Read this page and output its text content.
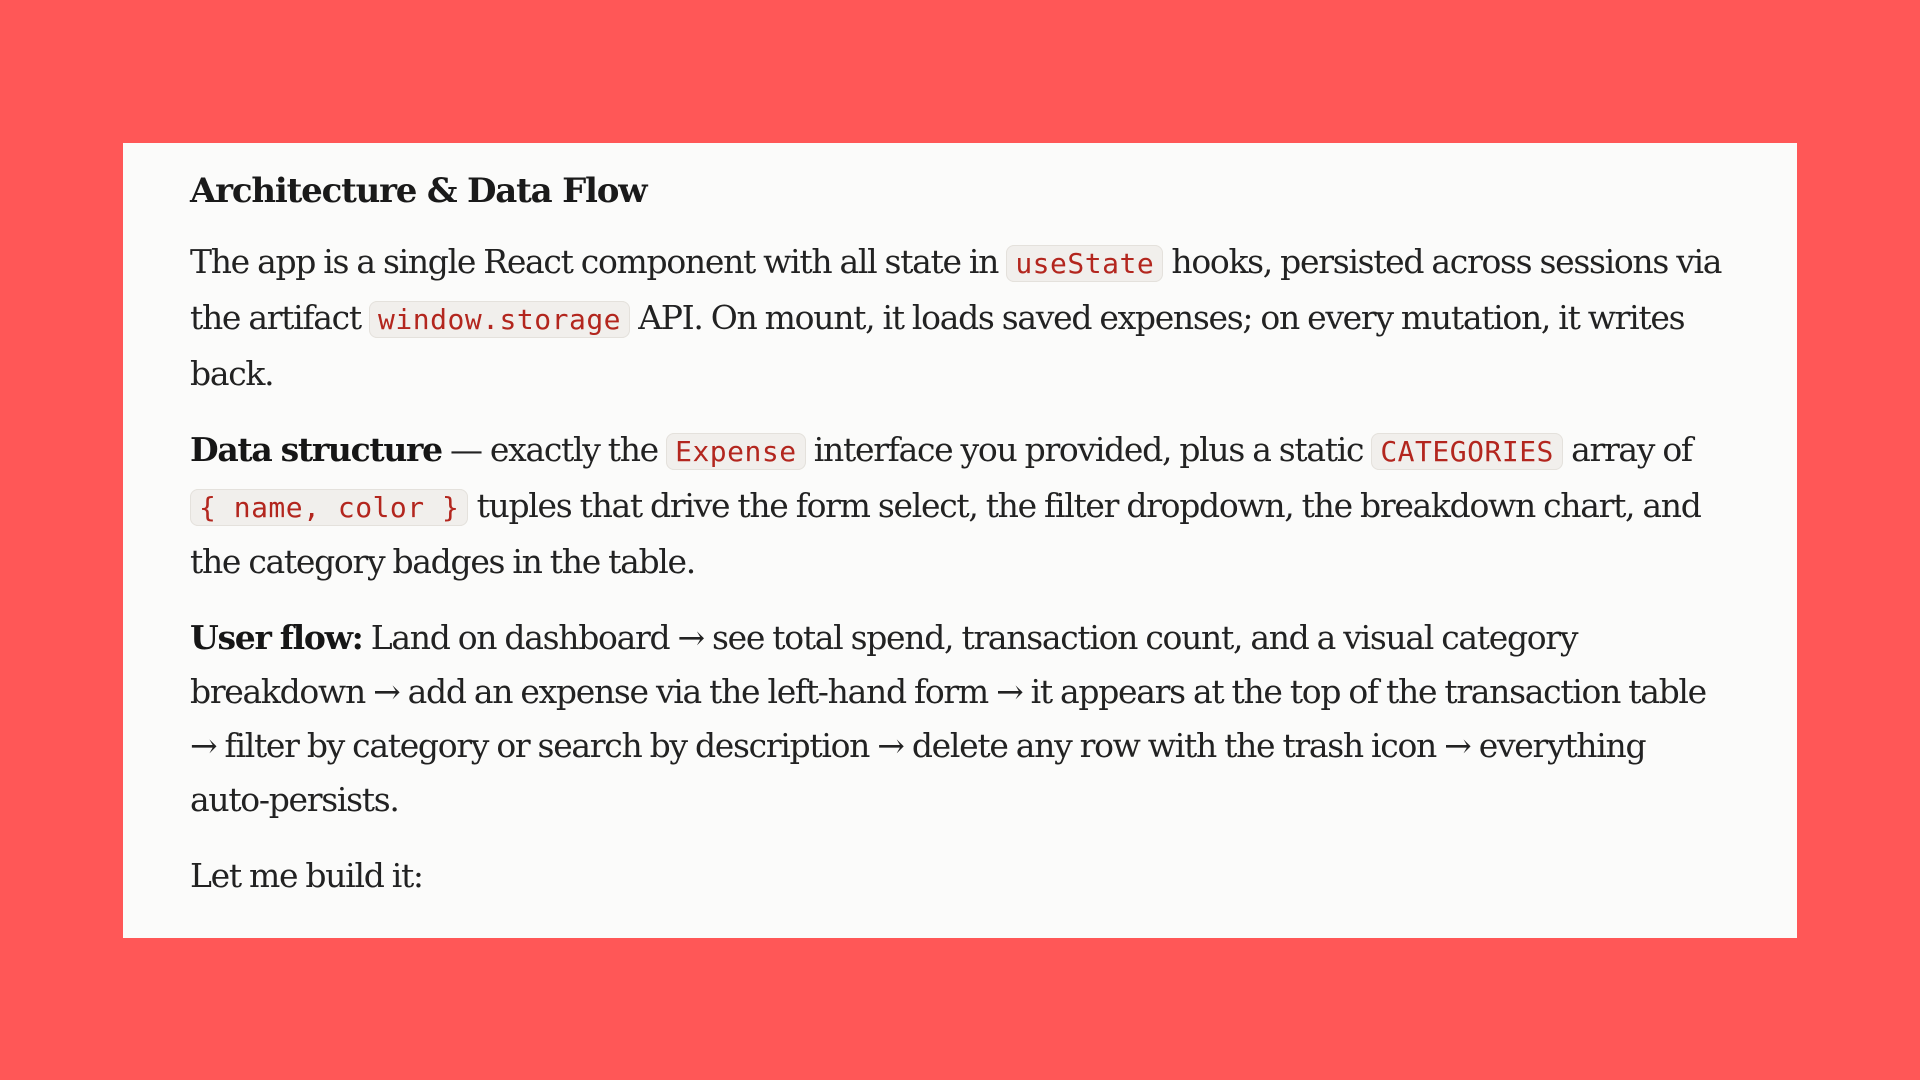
Architecture & Data Flow

The app is a single React component with all state in useState hooks, persisted across sessions via the artifact window.storage API. On mount, it loads saved expenses; on every mutation, it writes back.

Data structure — exactly the Expense interface you provided, plus a static CATEGORIES array of { name, color } tuples that drive the form select, the filter dropdown, the breakdown chart, and the category badges in the table.

User flow: Land on dashboard → see total spend, transaction count, and a visual category breakdown → add an expense via the left-hand form → it appears at the top of the transaction table → filter by category or search by description → delete any row with the trash icon → everything auto-persists.

Let me build it:
